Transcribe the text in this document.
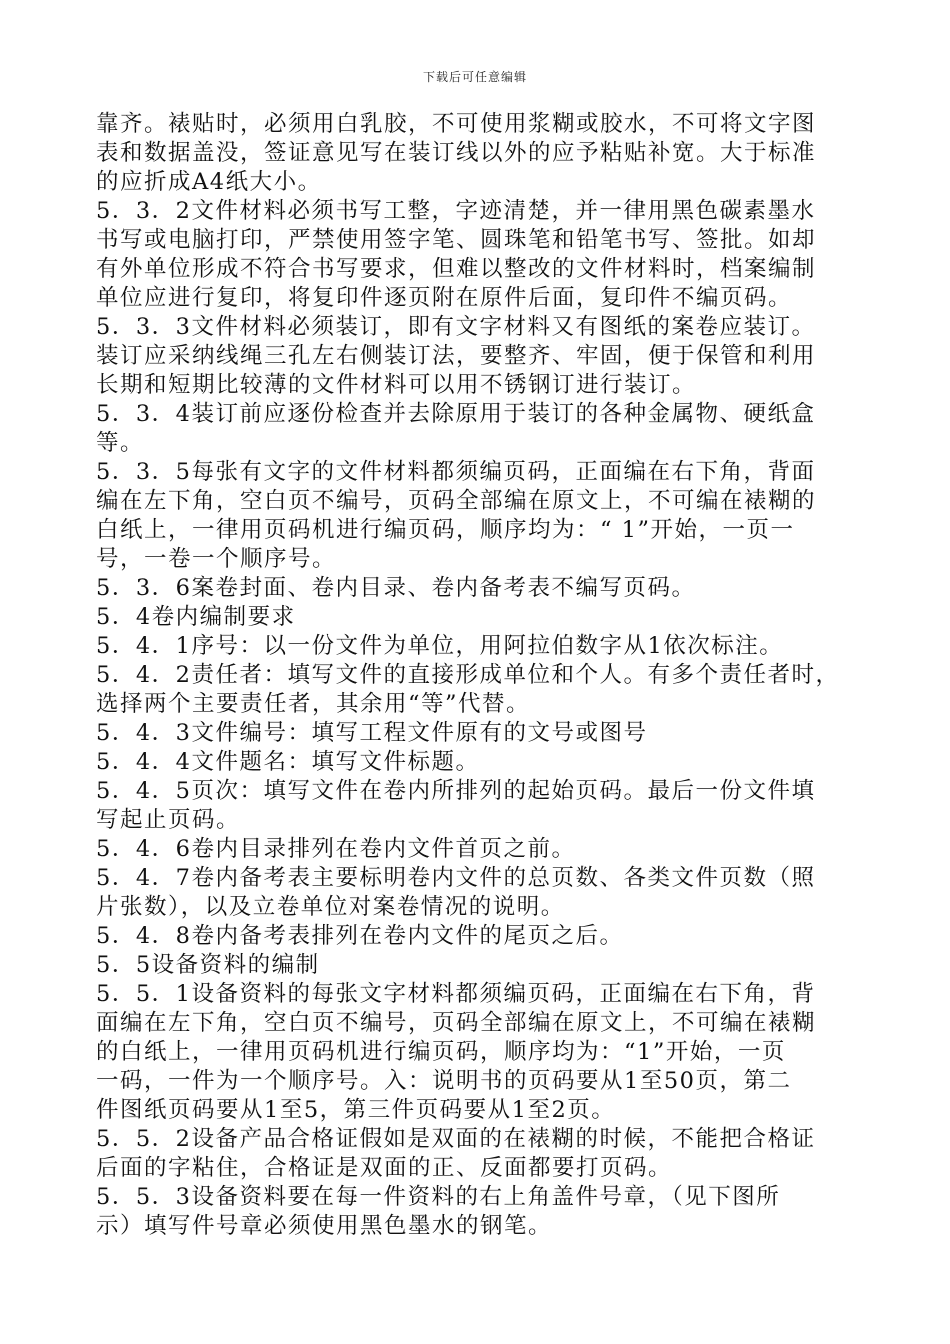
下载后可任意编辑
靠齐。裱贴时，必须用白乳胶，不可使用浆糊或胶水，不可将文字图
表和数据盖没，签证意见写在装订线以外的应予粘贴补宽。大于标准
的应折成A4纸大小。
5．3．2文件材料必须书写工整，字迹清楚，并一律用黑色碳素墨水
书写或电脑打印，严禁使用签字笔、圆珠笔和铅笔书写、签批。如却
有外单位形成不符合书写要求，但难以整改的文件材料时，档案编制
单位应进行复印，将复印件逐页附在原件后面，复印件不编页码。
5．3．3文件材料必须装订，即有文字材料又有图纸的案卷应装订。
装订应采纳线绳三孔左右侧装订法，要整齐、牢固，便于保管和利用
长期和短期比较薄的文件材料可以用不锈钢订进行装订。
5．3．4装订前应逐份检查并去除原用于装订的各种金属物、硬纸盒
等。
5．3．5每张有文字的文件材料都须编页码，正面编在右下角，背面
编在左下角，空白页不编号，页码全部编在原文上，不可编在裱糊的
白纸上，一律用页码机进行编页码，顺序均为：“ 1”开始，一页一
号，一卷一个顺序号。
5．3．6案卷封面、卷内目录、卷内备考表不编写页码。
5．4卷内编制要求
5．4．1序号：以一份文件为单位，用阿拉伯数字从1依次标注。
5．4．2责任者：填写文件的直接形成单位和个人。有多个责任者时，
选择两个主要责任者，其余用“等”代替。
5．4．3文件编号：填写工程文件原有的文号或图号
5．4．4文件题名：填写文件标题。
5．4．5页次：填写文件在卷内所排列的起始页码。最后一份文件填
写起止页码。
5．4．6卷内目录排列在卷内文件首页之前。
5．4．7卷内备考表主要标明卷内文件的总页数、各类文件页数（照
片张数），以及立卷单位对案卷情况的说明。
5．4．8卷内备考表排列在卷内文件的尾页之后。
5．5设备资料的编制
5．5．1设备资料的每张文字材料都须编页码，正面编在右下角，背
面编在左下角，空白页不编号，页码全部编在原文上，不可编在裱糊
的白纸上，一律用页码机进行编页码，顺序均为：“1”开始，一页
一码，一件为一个顺序号。入：说明书的页码要从1至50页，第二
件图纸页码要从1至5，第三件页码要从1至2页。
5．5．2设备产品合格证假如是双面的在裱糊的时候，不能把合格证
后面的字粘住，合格证是双面的正、反面都要打页码。
5．5．3设备资料要在每一件资料的右上角盖件号章，（见下图所
示）填写件号章必须使用黑色墨水的钢笔。
